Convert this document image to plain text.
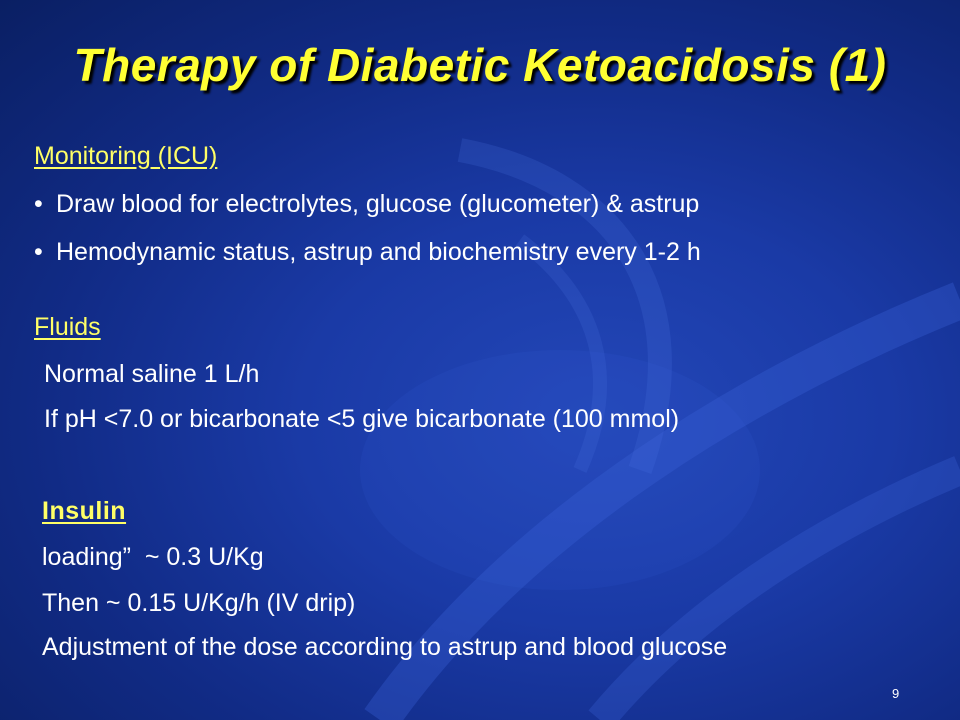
Therapy of Diabetic Ketoacidosis (1)
Monitoring (ICU)
• Draw blood for electrolytes, glucose (glucometer) & astrup
• Hemodynamic status, astrup and biochemistry every 1-2 h
Fluids
Normal saline 1 L/h
If pH <7.0 or bicarbonate <5 give bicarbonate (100 mmol)
Insulin
loading”  ~ 0.3 U/Kg
Then ~ 0.15 U/Kg/h (IV drip)
Adjustment of the dose according to astrup and blood glucose
9
